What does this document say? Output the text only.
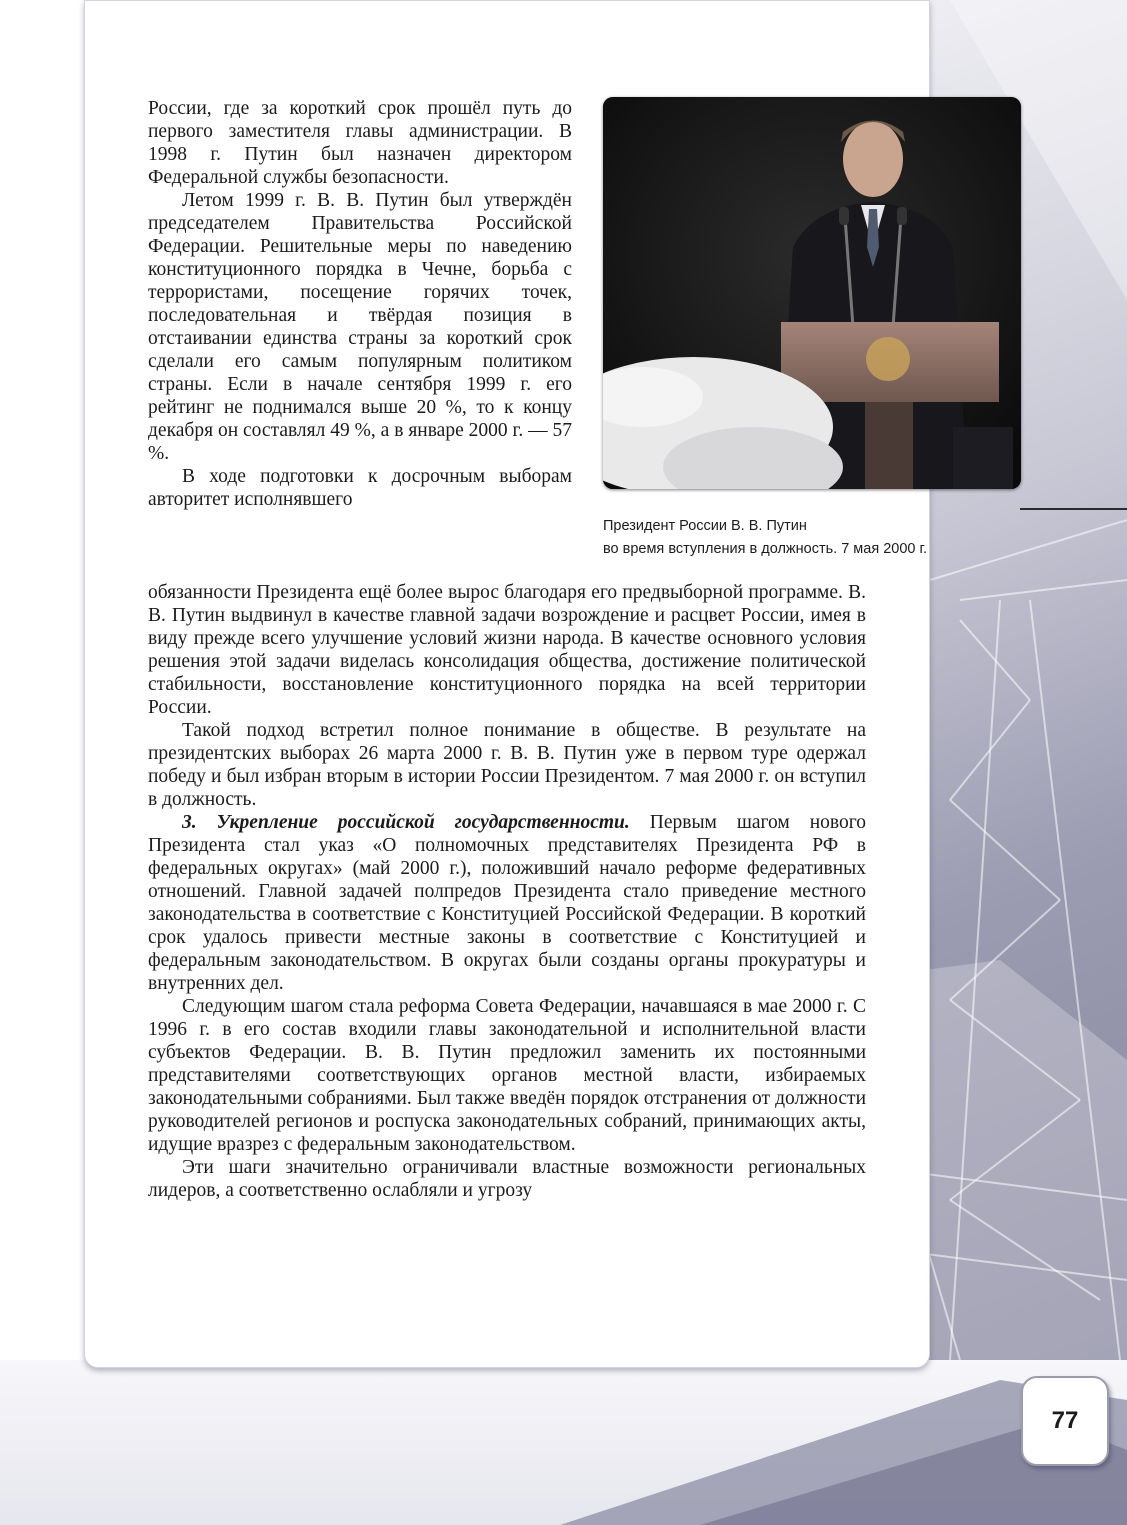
России, где за короткий срок прошёл путь до первого заместителя главы администрации. В 1998 г. Путин был назначен директором Федеральной службы безопасности.

Летом 1999 г. В. В. Путин был утверждён председателем Правительства Российской Федерации. Решительные меры по наведению конституционного порядка в Чечне, борьба с террористами, посещение горячих точек, последовательная и твёрдая позиция в отстаивании единства страны за короткий срок сделали его самым популярным политиком страны. Если в начале сентября 1999 г. его рейтинг не поднимался выше 20 %, то к концу декабря он составлял 49 %, а в январе 2000 г. — 57 %.

В ходе подготовки к досрочным выборам авторитет исполнявшего

Президент России В. В. Путин
во время вступления в должность. 7 мая 2000 г.

обязанности Президента ещё более вырос благодаря его предвыборной программе. В. В. Путин выдвинул в качестве главной задачи возрождение и расцвет России, имея в виду прежде всего улучшение условий жизни народа. В качестве основного условия решения этой задачи виделась консолидация общества, достижение политической стабильности, восстановление конституционного порядка на всей территории России.

Такой подход встретил полное понимание в обществе. В результате на президентских выборах 26 марта 2000 г. В. В. Путин уже в первом туре одержал победу и был избран вторым в истории России Президентом. 7 мая 2000 г. он вступил в должность.

3. Укрепление российской государственности. Первым шагом нового Президента стал указ «О полномочных представителях Президента РФ в федеральных округах» (май 2000 г.), положивший начало реформе федеративных отношений. Главной задачей полпредов Президента стало приведение местного законодательства в соответствие с Конституцией Российской Федерации. В короткий срок удалось привести местные законы в соответствие с Конституцией и федеральным законодательством. В округах были созданы органы прокуратуры и внутренних дел.

Следующим шагом стала реформа Совета Федерации, начавшаяся в мае 2000 г. С 1996 г. в его состав входили главы законодательной и исполнительной власти субъектов Федерации. В. В. Путин предложил заменить их постоянными представителями соответствующих органов местной власти, избираемых законодательными собраниями. Был также введён порядок отстранения от должности руководителей регионов и роспуска законодательных собраний, принимающих акты, идущие вразрез с федеральным законодательством.

Эти шаги значительно ограничивали властные возможности региональных лидеров, а соответственно ослабляли и угрозу

77
